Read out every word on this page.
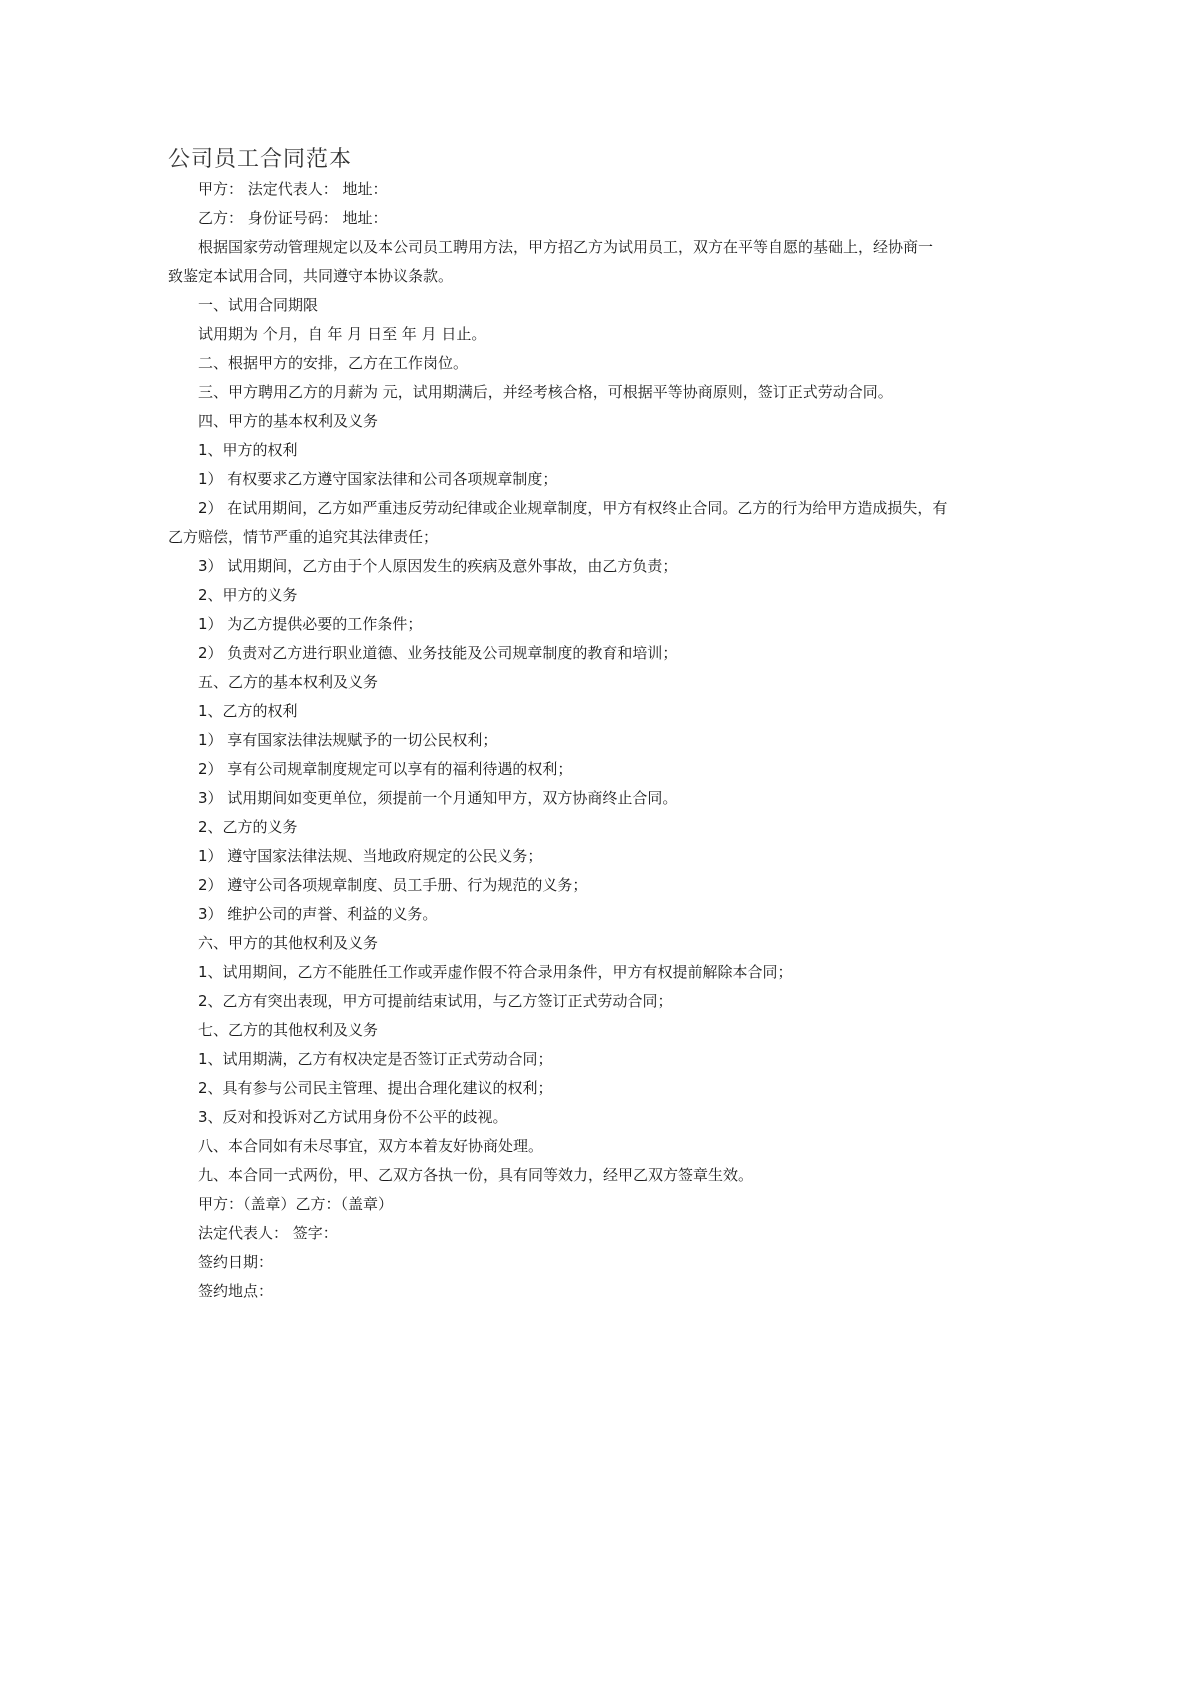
公司员工合同范本
甲方： 法定代表人： 地址：
乙方： 身份证号码： 地址：
根据国家劳动管理规定以及本公司员工聘用方法，甲方招乙方为试用员工，双方在平等自愿的基础上，经协商一
致鉴定本试用合同，共同遵守本协议条款。
一、试用合同期限
试用期为 个月，自 年 月 日至 年 月 日止。
二、根据甲方的安排，乙方在工作岗位。
三、甲方聘用乙方的月薪为 元，试用期满后，并经考核合格，可根据平等协商原则，签订正式劳动合同。
四、甲方的基本权利及义务
1、甲方的权利
1） 有权要求乙方遵守国家法律和公司各项规章制度；
2） 在试用期间，乙方如严重违反劳动纪律或企业规章制度，甲方有权终止合同。乙方的行为给甲方造成损失，有
乙方赔偿，情节严重的追究其法律责任；
3） 试用期间，乙方由于个人原因发生的疾病及意外事故，由乙方负责；
2、甲方的义务
1） 为乙方提供必要的工作条件；
2） 负责对乙方进行职业道德、业务技能及公司规章制度的教育和培训；
五、乙方的基本权利及义务
1、乙方的权利
1） 享有国家法律法规赋予的一切公民权利；
2） 享有公司规章制度规定可以享有的福利待遇的权利；
3） 试用期间如变更单位，须提前一个月通知甲方，双方协商终止合同。
2、乙方的义务
1） 遵守国家法律法规、当地政府规定的公民义务；
2） 遵守公司各项规章制度、员工手册、行为规范的义务；
3） 维护公司的声誉、利益的义务。
六、甲方的其他权利及义务
1、试用期间，乙方不能胜任工作或弄虚作假不符合录用条件，甲方有权提前解除本合同；
2、乙方有突出表现，甲方可提前结束试用，与乙方签订正式劳动合同；
七、乙方的其他权利及义务
1、试用期满，乙方有权决定是否签订正式劳动合同；
2、具有参与公司民主管理、提出合理化建议的权利；
3、反对和投诉对乙方试用身份不公平的歧视。
八、本合同如有未尽事宜，双方本着友好协商处理。
九、本合同一式两份，甲、乙双方各执一份，具有同等效力，经甲乙双方签章生效。
甲方：（盖章）乙方：（盖章）
法定代表人： 签字：
签约日期：
签约地点：
